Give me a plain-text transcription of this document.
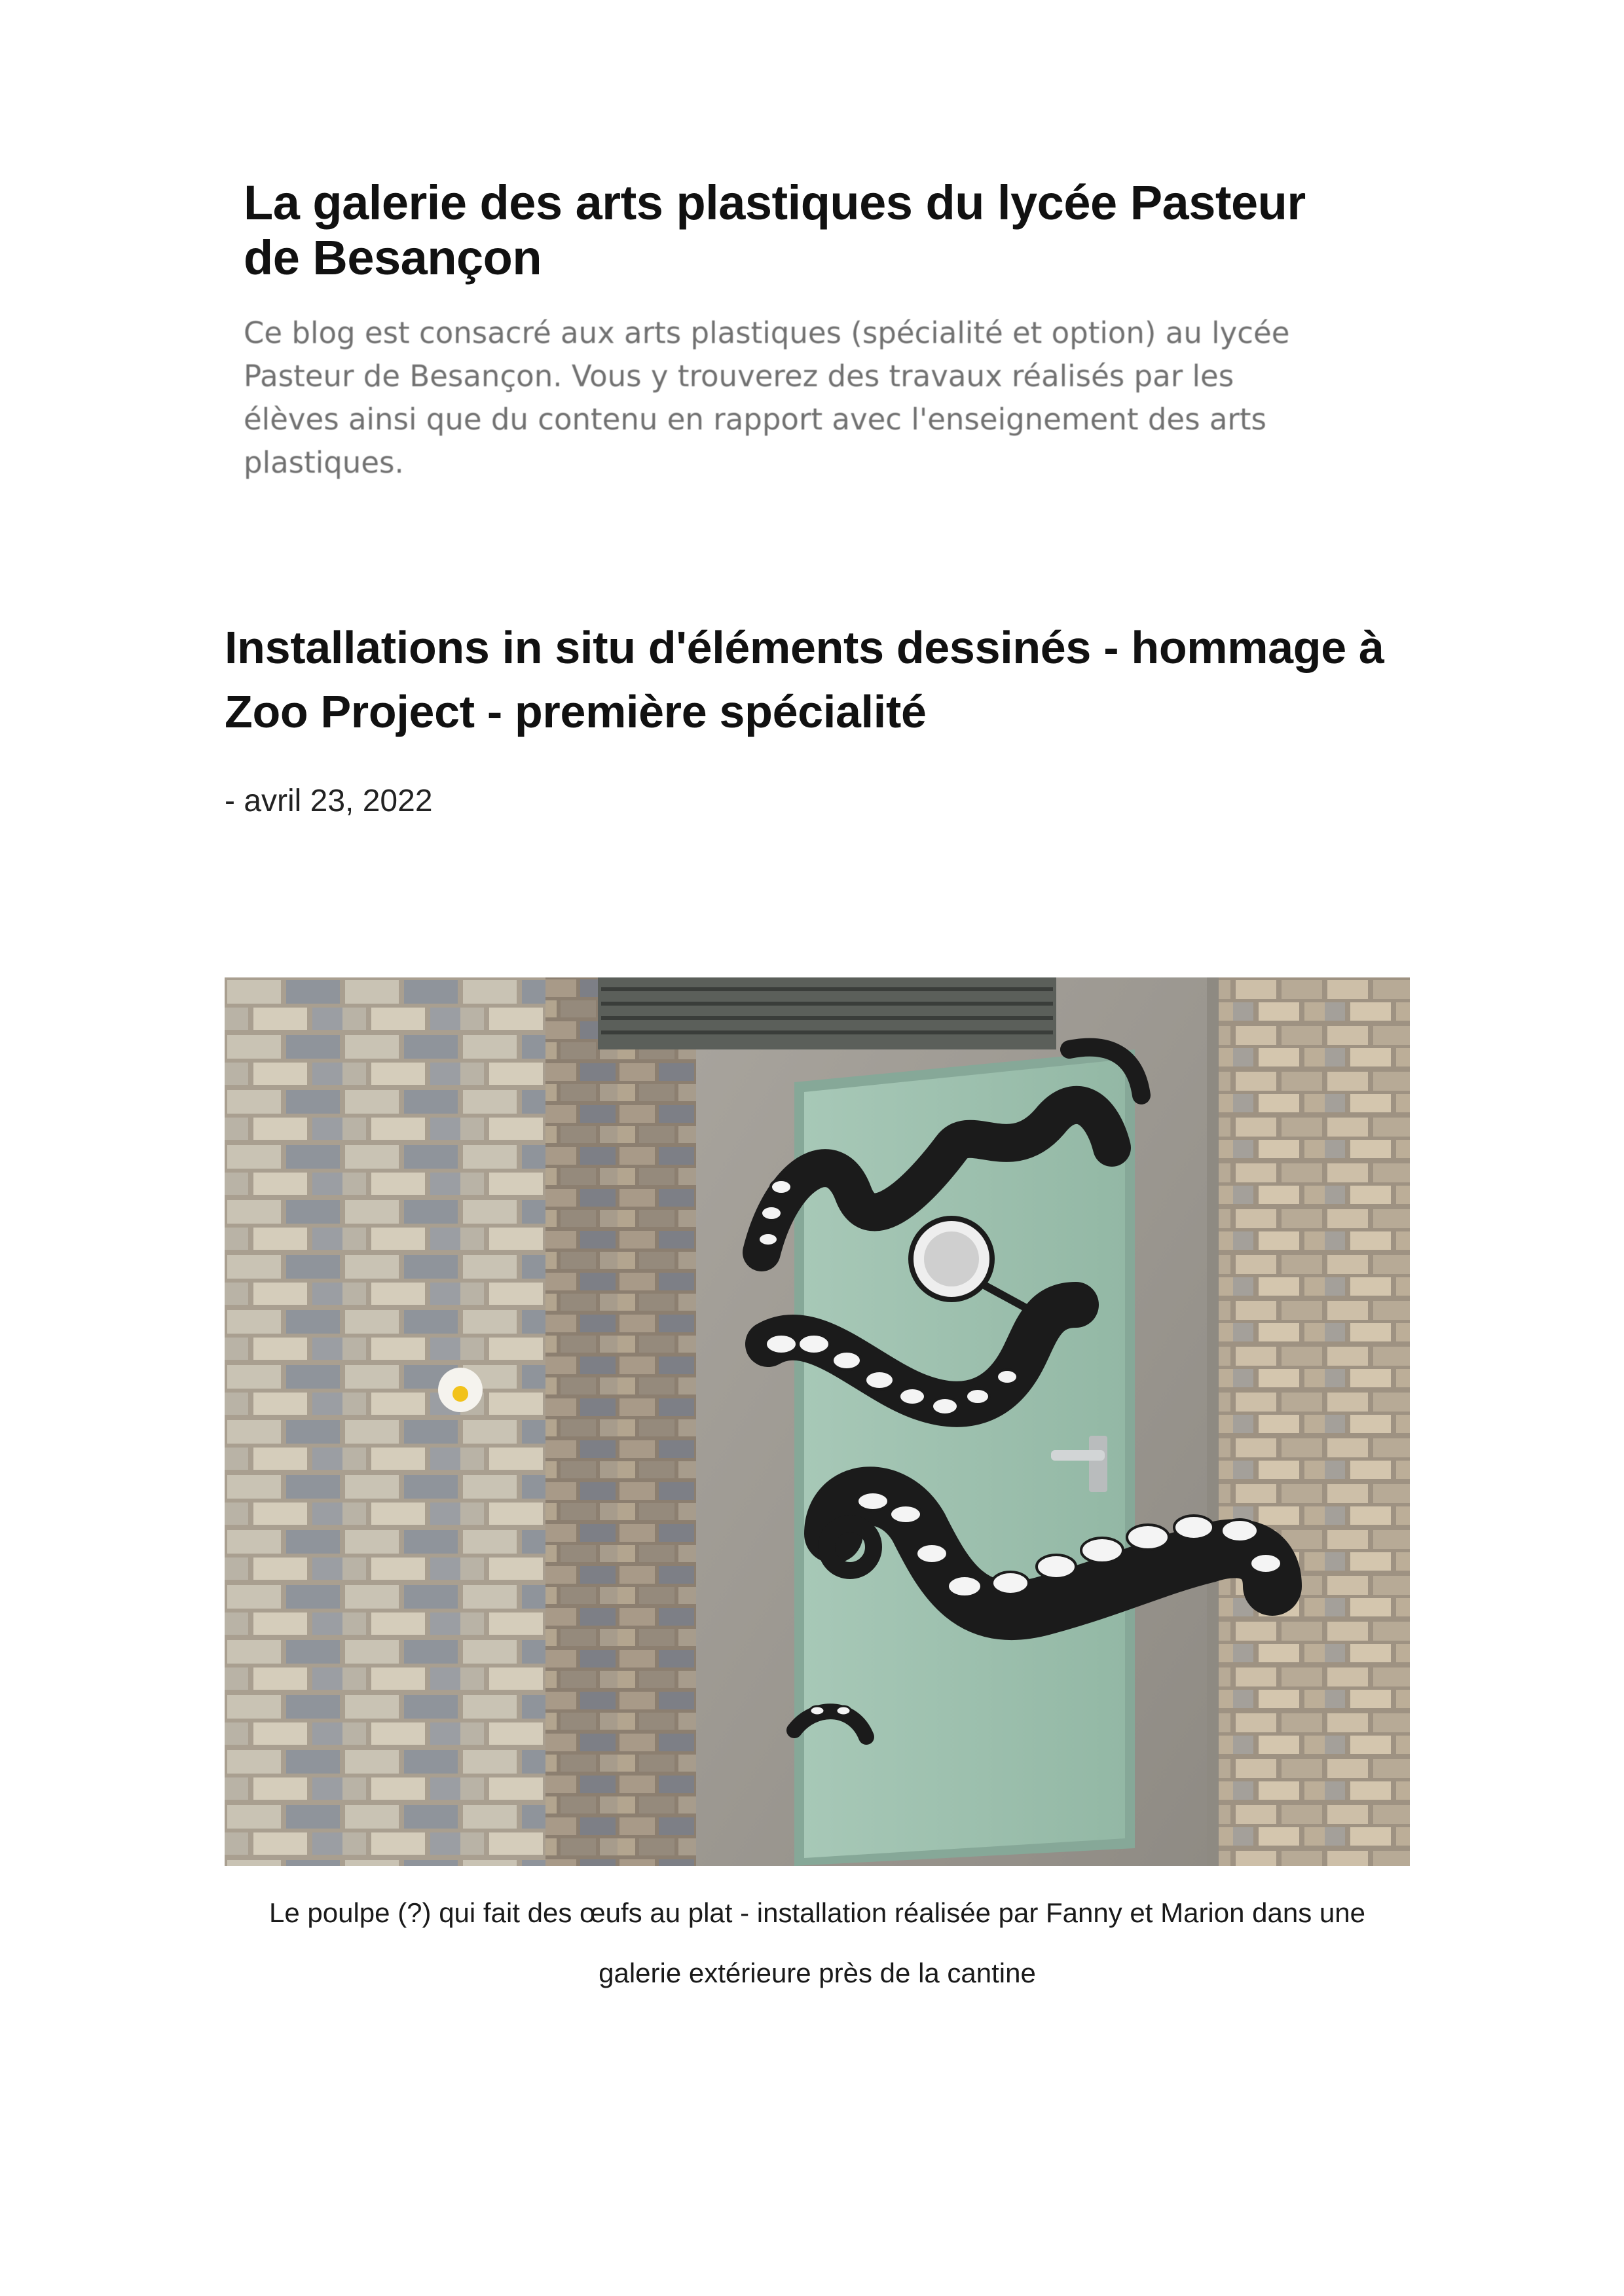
La galerie des arts plastiques du lycée Pasteur de Besançon
Ce blog est consacré aux arts plastiques (spécialité et option) au lycée Pasteur de Besançon. Vous y trouverez des travaux réalisés par les élèves ainsi que du contenu en rapport avec l'enseignement des arts plastiques.
Installations in situ d'éléments dessinés - hommage à Zoo Project - première spécialité
- avril 23, 2022
Le poulpe (?) qui fait des œufs au plat - installation réalisée par Fanny et Marion dans une galerie extérieure près de la cantine
